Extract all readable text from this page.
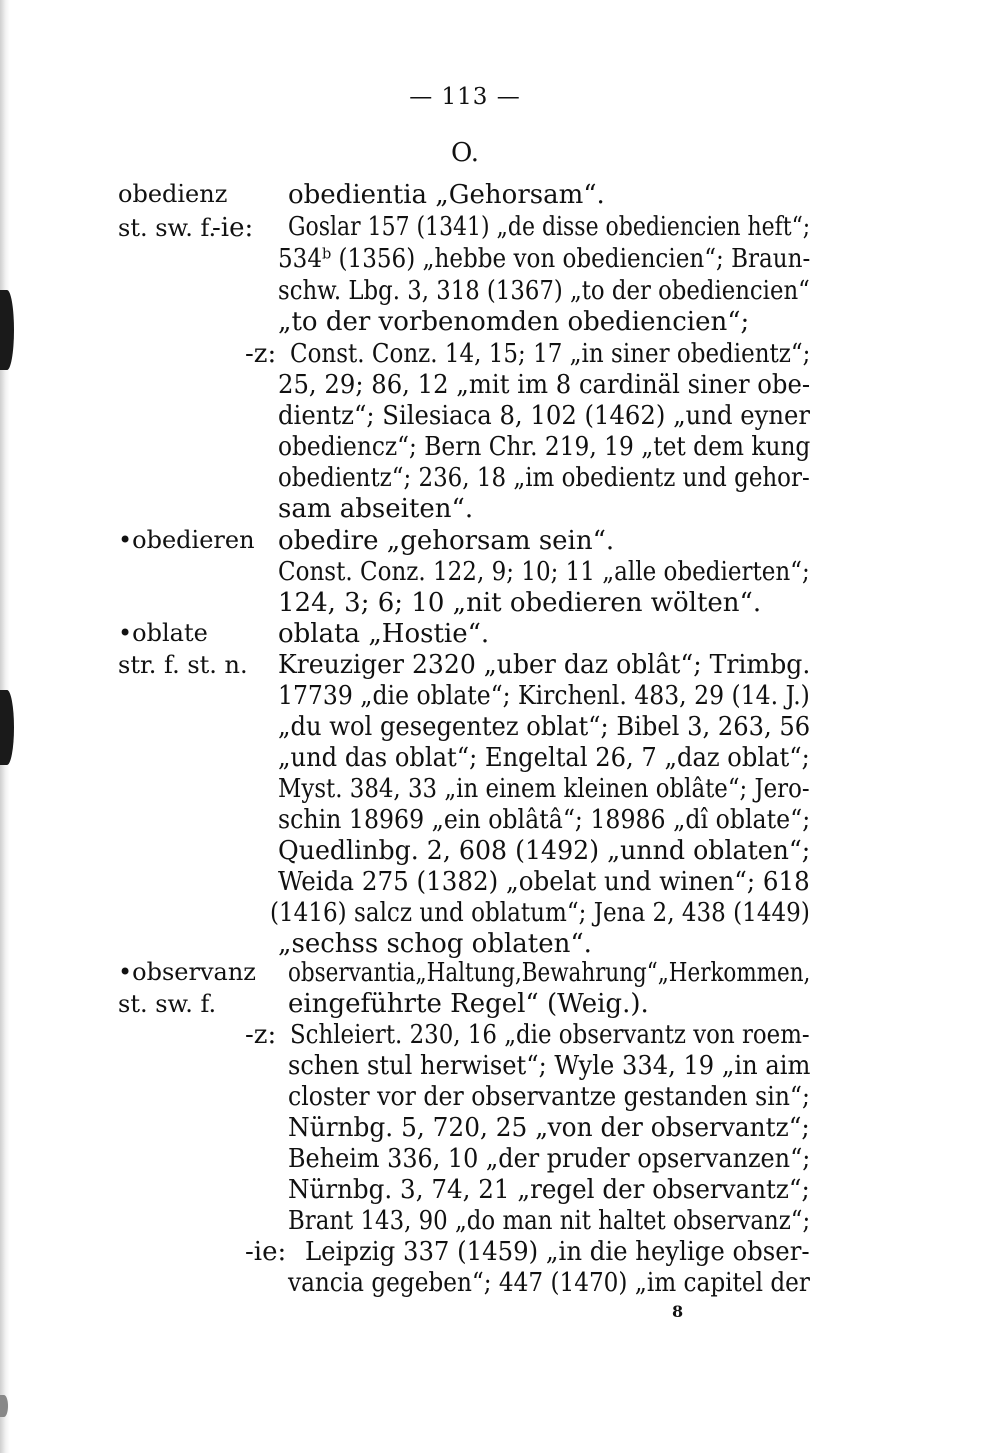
— 113 —
O.
obedienz
st. sw. f.
•obedieren
•oblate
str. f. st. n.
•observanz
st. sw. f.
-ie:
-z:
-z:
-ie:
obedientia „Gehorsam“.
Goslar 157 (1341) „de disse obediencien heft“;
534ᵇ (1356) „hebbe von obediencien“; Braun-
schw. Lbg. 3, 318 (1367) „to der obediencien“
„to der vorbenomden obediencien“;
Const. Conz. 14, 15; 17 „in siner obedientz“;
25, 29; 86, 12 „mit im 8 cardinäl siner obe-
dientz“; Silesiaca 8, 102 (1462) „und eyner
obediencz“; Bern Chr. 219, 19 „tet dem kung
obedientz“; 236, 18 „im obedientz und gehor-
sam abseiten“.
obedire „gehorsam sein“.
Const. Conz. 122, 9; 10; 11 „alle obedierten“;
124, 3; 6; 10 „nit obedieren wölten“.
oblata „Hostie“.
Kreuziger 2320 „uber daz oblât“; Trimbg.
17739 „die oblate“; Kirchenl. 483, 29 (14. J.)
„du wol gesegentez oblat“; Bibel 3, 263, 56
„und das oblat“; Engeltal 26, 7 „daz oblat“;
Myst. 384, 33 „in einem kleinen oblâte“; Jero-
schin 18969 „ein oblâtâ“; 18986 „dî oblate“;
Quedlinbg. 2, 608 (1492) „unnd oblaten“;
Weida 275 (1382) „obelat und winen“; 618
(1416) salcz und oblatum“; Jena 2, 438 (1449)
„sechss schog oblaten“.
observantia„Haltung,Bewahrung“„Herkommen,
eingeführte Regel“ (Weig.).
Schleiert. 230, 16 „die observantz von roem-
schen stul herwiset“; Wyle 334, 19 „in aim
closter vor der observantze gestanden sin“;
Nürnbg. 5, 720, 25 „von der observantz“;
Beheim 336, 10 „der pruder opservanzen“;
Nürnbg. 3, 74, 21 „regel der observantz“;
Brant 143, 90 „do man nit haltet observanz“;
Leipzig 337 (1459) „in die heylige obser-
vancia gegeben“; 447 (1470) „im capitel der
8
